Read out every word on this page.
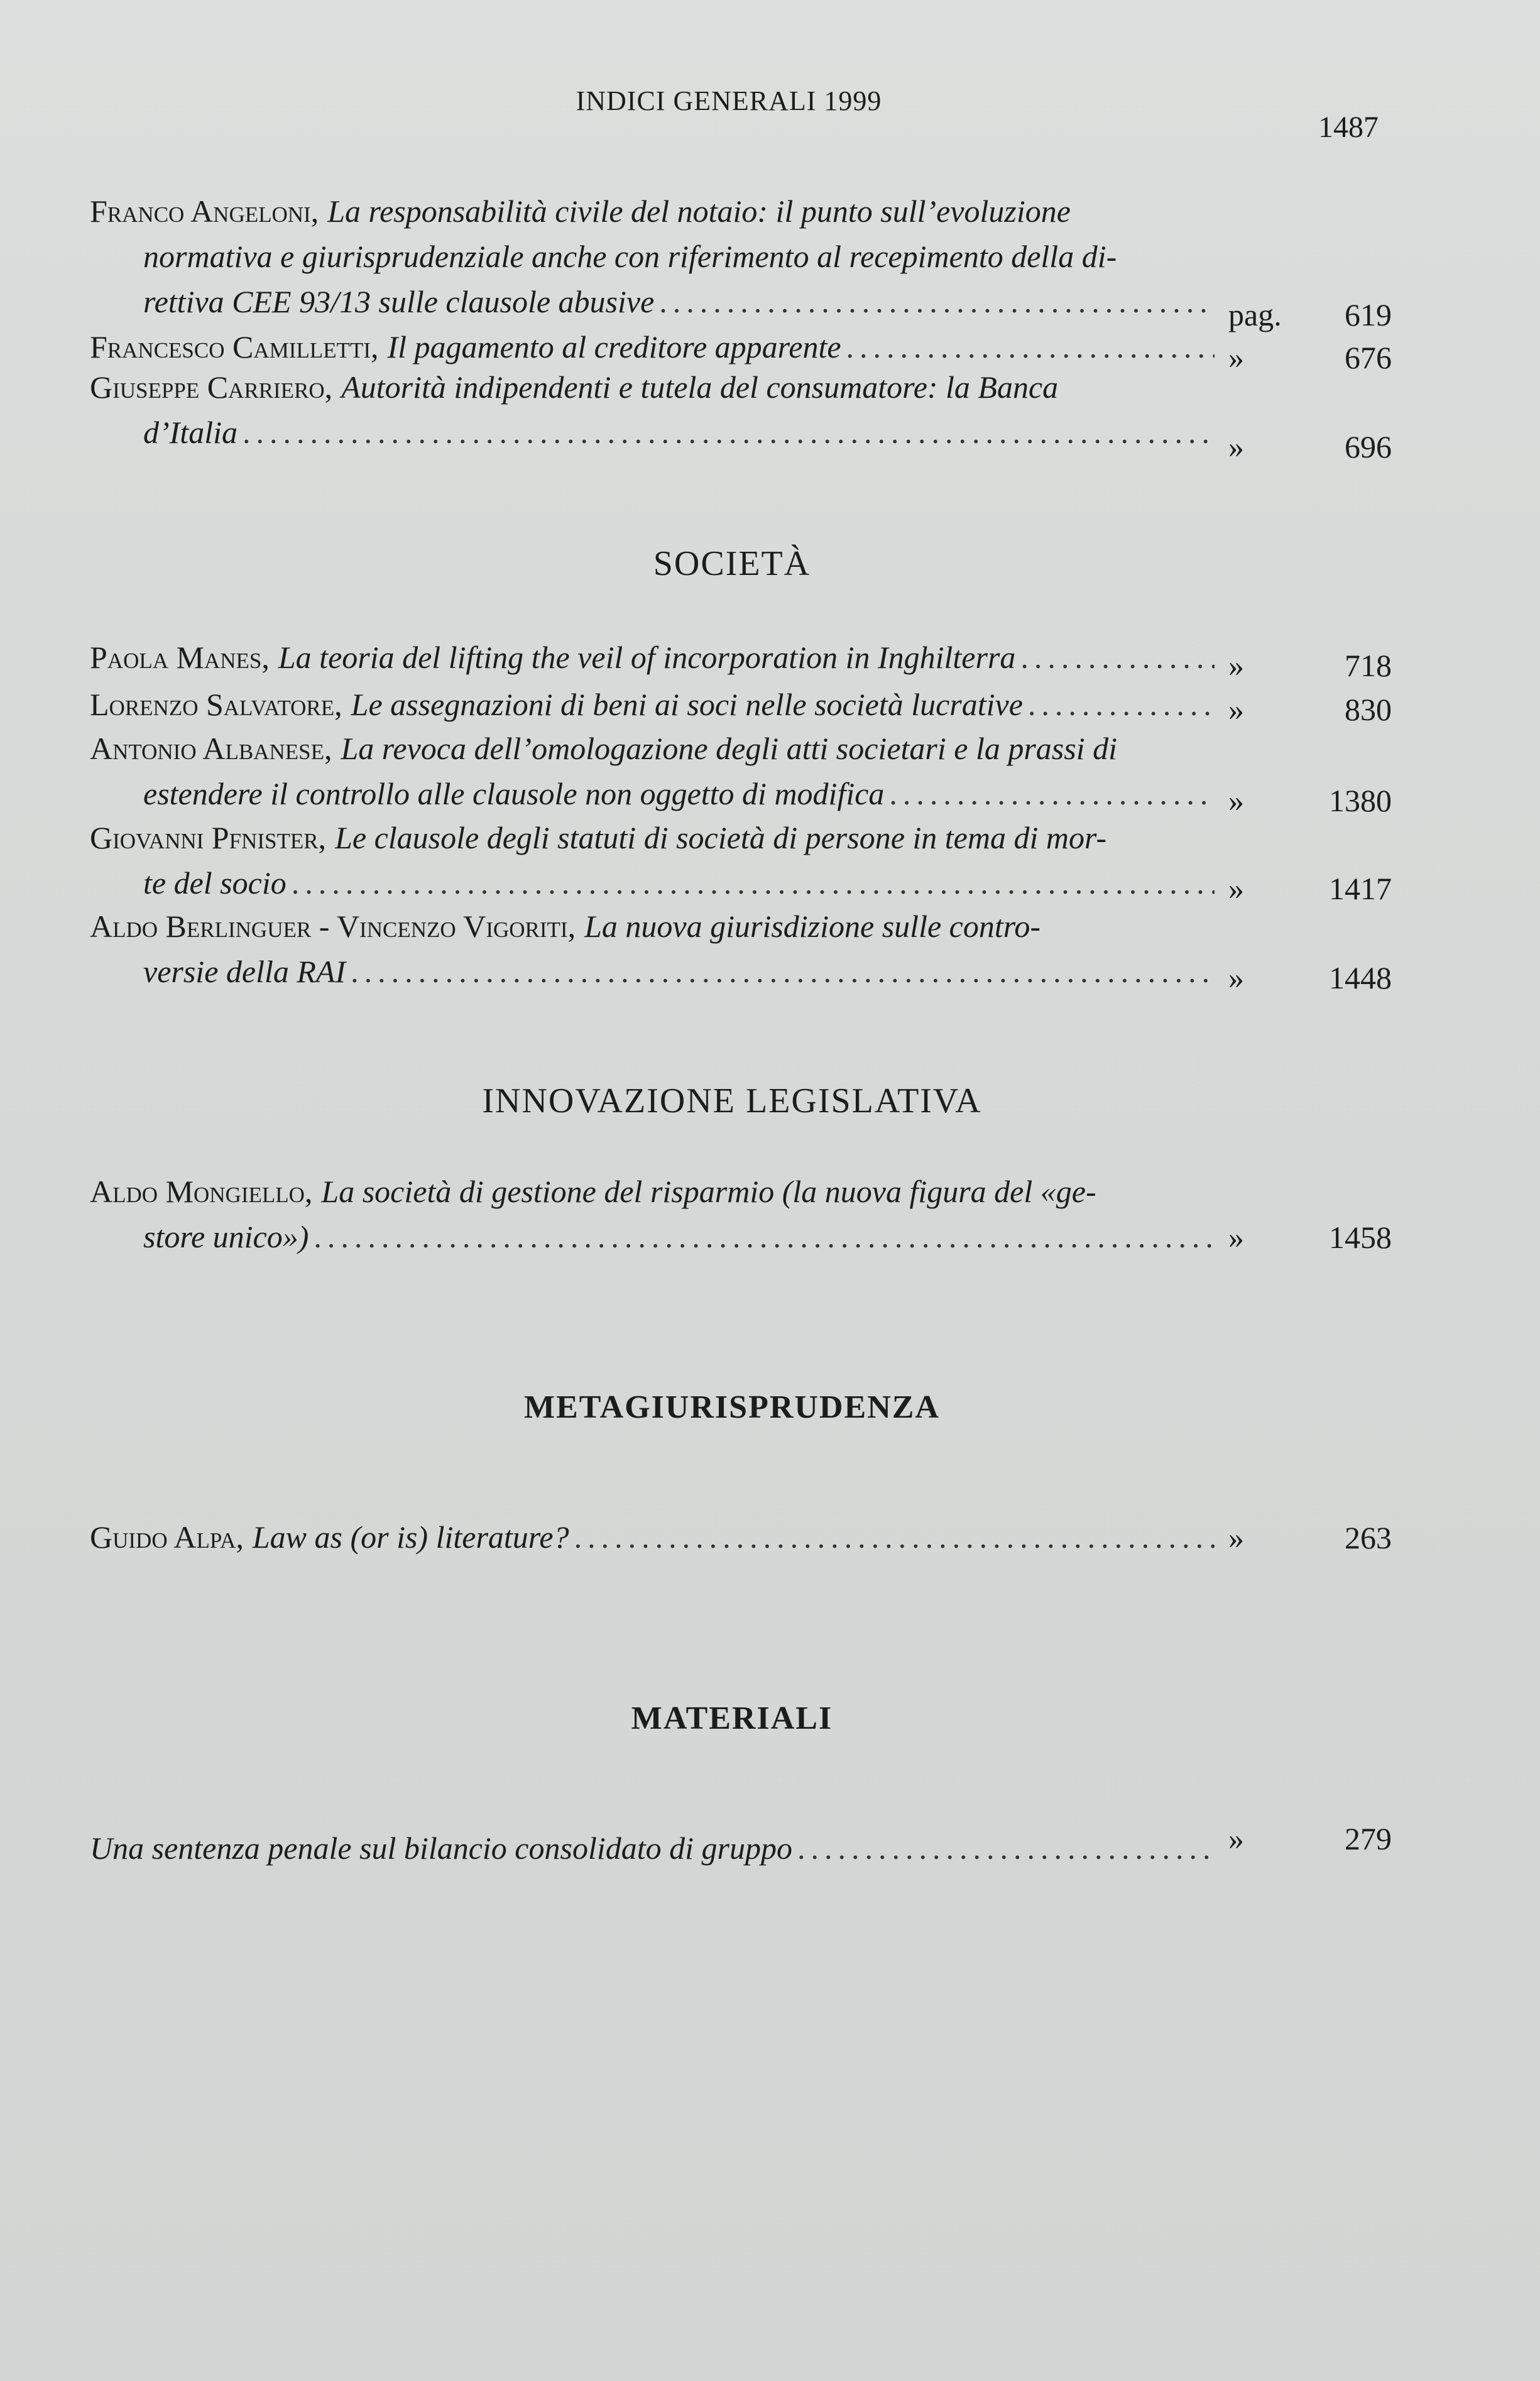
INDICI GENERALI 1999
1487
Franco Angeloni, La responsabilità civile del notaio: il punto sull’evoluzione
normativa e giurisprudenziale anche con riferimento al recepimento della di-
rettiva CEE 93/13 sulle clausole abusive .....	pag.	619
Francesco Camilletti, Il pagamento al creditore apparente .....	»	676
Giuseppe Carriero, Autorità indipendenti e tutela del consumatore: la Banca
d’Italia .....	»	696
SOCIETÀ
Paola Manes, La teoria del lifting the veil of incorporation in Inghilterra .....	»	718
Lorenzo Salvatore, Le assegnazioni di beni ai soci nelle società lucrative .....	»	830
Antonio Albanese, La revoca dell’omologazione degli atti societari e la prassi di
estendere il controllo alle clausole non oggetto di modifica .....	»	1380
Giovanni Pfnister, Le clausole degli statuti di società di persone in tema di mor-
te del socio .....	»	1417
Aldo Berlinguer - Vincenzo Vigoriti, La nuova giurisdizione sulle contro-
versie della RAI .....	»	1448
INNOVAZIONE LEGISLATIVA
Aldo Mongiello, La società di gestione del risparmio (la nuova figura del «ge-
store unico») .....	»	1458
METAGIURISPRUDENZA
Guido Alpa, Law as (or is) literature? .....	»	263
MATERIALI
Una sentenza penale sul bilancio consolidato di gruppo .....	»	279
